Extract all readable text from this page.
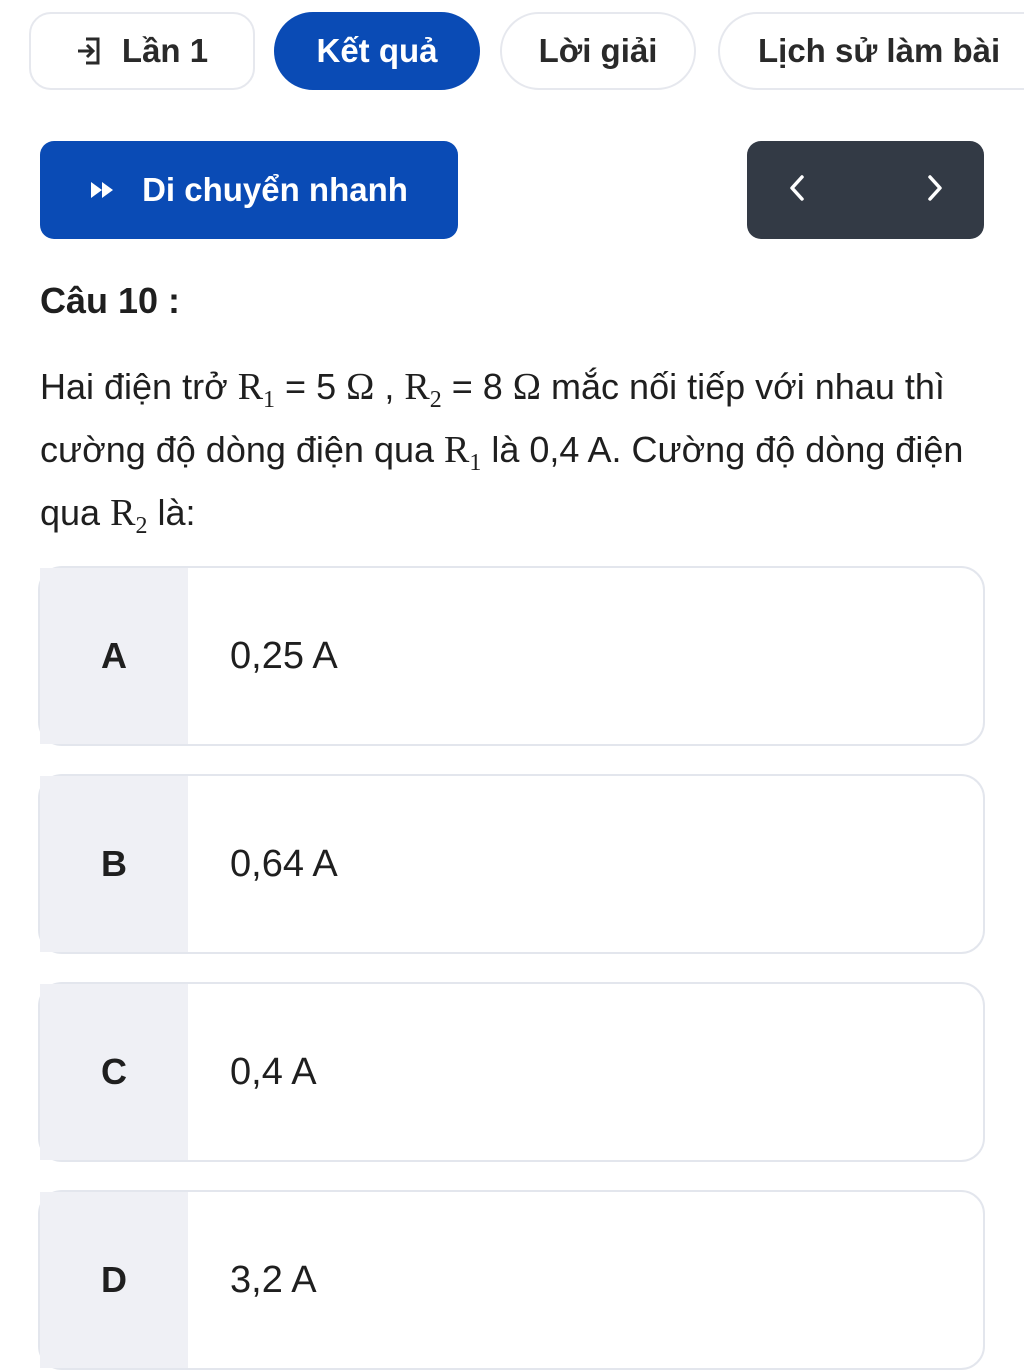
Lần 1	Kết quả	Lời giải	Lịch sử làm bài
Di chuyển nhanh
Câu 10 :
Hai điện trở $R_1 = 5$ Ω , $R_2 = 8$ Ω mắc nối tiếp với nhau thì cường độ dòng điện qua $R_1$ là 0,4 A. Cường độ dòng điện qua $R_2$ là:
A	0,25 A
B	0,64 A
C	0,4 A
D	3,2 A
